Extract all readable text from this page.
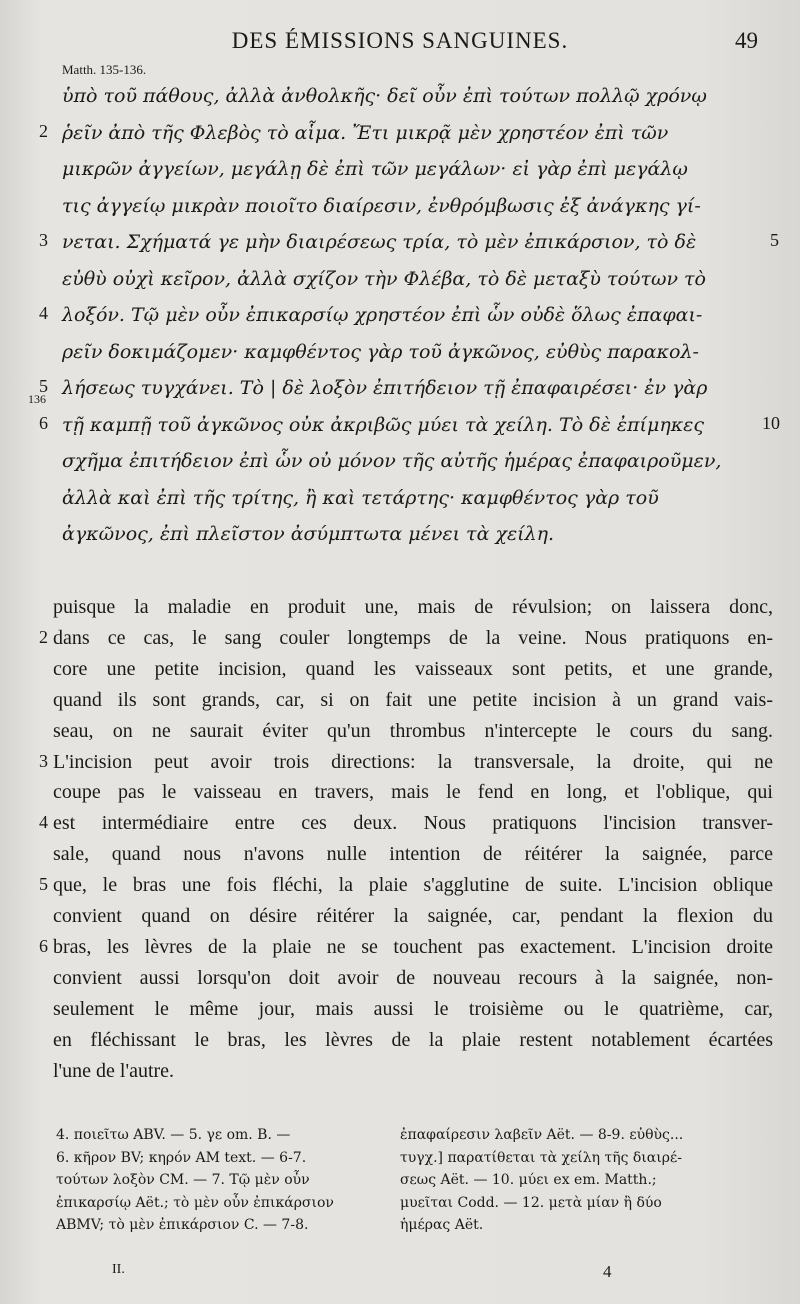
DES ÉMISSIONS SANGUINES.	49
Matth. 135-136.
ὑπὸ τοῦ πάθους, ἀλλὰ ἀνθολκῆς· δεῖ οὖν ἐπὶ τούτων πολλῷ χρόνῳ
ῥεῖν ἀπὸ τῆς Φλεβὸς τὸ αἷμα. Ἔτι μικρᾷ μὲν χρηστέον ἐπὶ τῶν
μικρῶν ἀγγείων, μεγάλῃ δὲ ἐπὶ τῶν μεγάλων· εἰ γὰρ ἐπὶ μεγάλῳ
τις ἀγγείῳ μικρὰν ποιοῖτο διαίρεσιν, ἐνθρόμβωσις ἐξ ἀνάγκης γί-
νεται. Σχήματά γε μὴν διαιρέσεως τρία, τὸ μὲν ἐπικάρσιον, τὸ δὲ
εὐθὺ οὐχὶ κεῖρον, ἀλλὰ σχίζον τὴν Φλέβα, τὸ δὲ μεταξὺ τούτων τὸ
λοξόν. Τῷ μὲν οὖν ἐπικαρσίῳ χρηστέον ἐπὶ ὧν οὐδὲ ὅλως ἐπαφαι-
ρεῖν δοκιμάζομεν· καμφθέντος γὰρ τοῦ ἀγκῶνος, εὐθὺς παρακολ-
λήσεως τυγχάνει. Τὸ | δὲ λοξὸν ἐπιτήδειον τῇ ἐπαφαιρέσει· ἐν γὰρ
τῇ καμπῇ τοῦ ἀγκῶνος οὐκ ἀκριβῶς μύει τὰ χείλη. Τὸ δὲ ἐπίμηκες
σχῆμα ἐπιτήδειον ἐπὶ ὧν οὐ μόνον τῆς αὐτῆς ἡμέρας ἐπαφαιροῦμεν,
ἀλλὰ καὶ ἐπὶ τῆς τρίτης, ἢ καὶ τετάρτης· καμφθέντος γὰρ τοῦ
ἀγκῶνος, ἐπὶ πλεῖστον ἀσύμπτωτα μένει τὰ χείλη.
2
3
4
5
136
6
5
10
puisque la maladie en produit une, mais de révulsion; on laissera donc,
dans ce cas, le sang couler longtemps de la veine. Nous pratiquons en-
core une petite incision, quand les vaisseaux sont petits, et une grande,
quand ils sont grands, car, si on fait une petite incision à un grand vais-
seau, on ne saurait éviter qu'un thrombus n'intercepte le cours du sang.
L'incision peut avoir trois directions: la transversale, la droite, qui ne
coupe pas le vaisseau en travers, mais le fend en long, et l'oblique, qui
est intermédiaire entre ces deux. Nous pratiquons l'incision transver-
sale, quand nous n'avons nulle intention de réitérer la saignée, parce
que, le bras une fois fléchi, la plaie s'agglutine de suite. L'incision oblique
convient quand on désire réitérer la saignée, car, pendant la flexion du
bras, les lèvres de la plaie ne se touchent pas exactement. L'incision droite
convient aussi lorsqu'on doit avoir de nouveau recours à la saignée, non-
seulement le même jour, mais aussi le troisième ou le quatrième, car,
en fléchissant le bras, les lèvres de la plaie restent notablement écartées
l'une de l'autre.
2
3
4
5
6
4. ποιεῖτω ABV. — 5. γε om. B. —
6. κῆρον BV; κηρόν AM text. — 6-7.
τούτων λοξὸν CM. — 7. Τῷ μὲν οὖν
ἐπικαρσίῳ Aët.; τὸ μὲν οὖν ἐπικάρσιον
ABMV; τὸ μὲν ἐπικάρσιον C. — 7-8.
ἐπαφαίρεσιν λαβεῖν Aët. — 8-9. εὐθὺς...
τυγχ.] παρατίθεται τὰ χείλη τῆς διαιρέ-
σεως Aët. — 10. μύει ex em. Matth.;
μυεῖται Codd. — 12. μετὰ μίαν ἢ δύο
ἡμέρας Aët.
II.	4
